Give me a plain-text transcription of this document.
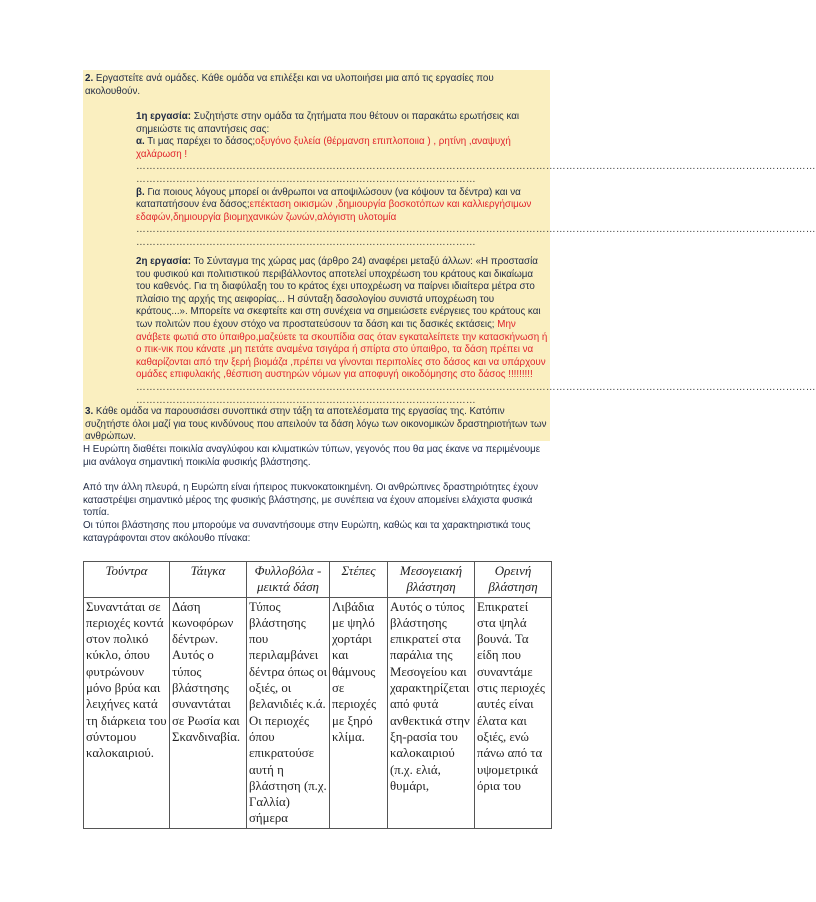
2. Εργαστείτε ανά ομάδες. Κάθε ομάδα να επιλέξει και να υλοποιήσει μια από τις εργασίες που ακολουθούν.

1η εργασία: Συζητήστε στην ομάδα τα ζητήματα που θέτουν οι παρακάτω ερωτήσεις και σημειώστε τις απαντήσεις σας:

α. Τι μας παρέχει το δάσος;οξυγόνο ξυλεία (θέρμανση επιπλοποιια ) , ρητίνη ,αναψυχή χαλάρωση !

……………………………………………………………………………………………………………………………………………………………………………………

…………………………………………………………………………………………

β. Για ποιους λόγους μπορεί οι άνθρωποι να αποψιλώσουν (να κόψουν τα δέντρα) και να καταπατήσουν ένα δάσος;επέκταση οικισμών ,δημιουργία βοσκοτόπων και καλλιεργήσιμων εδαφών,δημιουργία βιομηχανικών ζωνών,αλόγιστη υλοτομία

……………………………………………………………………………………………………………………………………………………………………………………

…………………………………………………………………………………………

2η εργασία: Το Σύνταγμα της χώρας μας (άρθρο 24) αναφέρει μεταξύ άλλων: «Η προστασία του φυσικού και πολιτιστικού περιβάλλοντος αποτελεί υποχρέωση του κράτους και δικαίωμα του καθενός. Για τη διαφύλαξη του το κράτος έχει υποχρέωση να παίρνει ιδιαίτερα μέτρα στο πλαίσιο της αρχής της αειφορίας... Η σύνταξη δασολογίου συνιστά υποχρέωση του κράτους...». Μπορείτε να σκεφτείτε και στη συνέχεια να σημειώσετε ενέργειες του κράτους και των πολιτών που έχουν στόχο να προστατεύσουν τα δάση και τις δασικές εκτάσεις; Μην ανάβετε φωτιά στο ύπαιθρο,μαζεύετε τα σκουπίδια σας όταν εγκαταλείπετε την κατασκήνωση ή ο πικ-νικ που κάνατε ,μη πετάτε αναμένα τσιγάρα ή σπίρτα στο ύπαιθρο, τα δάση πρέπει να καθαρίζονται από την ξερή βιομάζα ,πρέπει να γίνονται περιπολίες στο δάσος και να υπάρχουν ομάδες επιφυλακής ,θέσπιση αυστηρών νόμων για αποφυγή οικοδόμησης στο δάσος !!!!!!!!!

……………………………………………………………………………………………………………………………………………………………………………………

…………………………………………………………………………………………

3. Κάθε ομάδα να παρουσιάσει συνοπτικά στην τάξη τα αποτελέσματα της εργασίας της. Κατόπιν συζητήστε όλοι μαζί για τους κινδύνους που απειλούν τα δάση λόγω των οικονομικών δραστηριοτήτων των ανθρώπων.

Η Ευρώπη διαθέτει ποικιλία αναγλύφου και κλιματικών τύπων, γεγονός που θα μας έκανε να περιμένουμε μια ανάλογα σημαντική ποικιλία φυσικής βλάστησης.
Από την άλλη πλευρά, η Ευρώπη είναι ήπειρος πυκνοκατοικημένη. Οι ανθρώπινες δραστηριότητες έχουν καταστρέψει σημαντικό μέρος της φυσικής βλάστησης, με συνέπεια να έχουν απομείνει ελάχιστα φυσικά τοπία.
Οι τύποι βλάστησης που μπορούμε να συναντήσουμε στην Ευρώπη, καθώς και τα χαρακτηριστικά τους καταγράφονται στον ακόλουθο πίνακα:
Τούντρα	Τάιγκα	Φυλλοβόλα - μεικτά δάση	Στέπες	Μεσογειακή βλάστηση	Ορεινή βλάστηση
Συναντάται σε περιοχές κοντά στον πολικό κύκλο, όπου φυτρώνουν μόνο βρύα και λειχήνες κατά τη διάρκεια του σύντομου καλοκαιριού.	Δάση κωνοφόρων δέντρων. Αυτός ο τύπος βλάστησης συναντάται σε Ρωσία και Σκανδιναβία.	Τύπος βλάστησης που περιλαμβάνει δέντρα όπως οι οξιές, οι βελανιδιές κ.ά. Οι περιοχές όπου επικρατούσε αυτή η βλάστηση (π.χ. Γαλλία) σήμερα	Λιβάδια με ψηλό χορτάρι και θάμνους σε περιοχές με ξηρό κλίμα.	Αυτός ο τύπος βλάστησης επικρατεί στα παράλια της Μεσογείου και χαρακτηρίζεται από φυτά ανθεκτικά στην ξη-ρασία του καλοκαιριού (π.χ. ελιά, θυμάρι,	Επικρατεί στα ψηλά βουνά. Τα είδη που συναντάμε στις περιοχές αυτές είναι έλατα και οξιές, ενώ πάνω από τα υψομετρικά όρια του
